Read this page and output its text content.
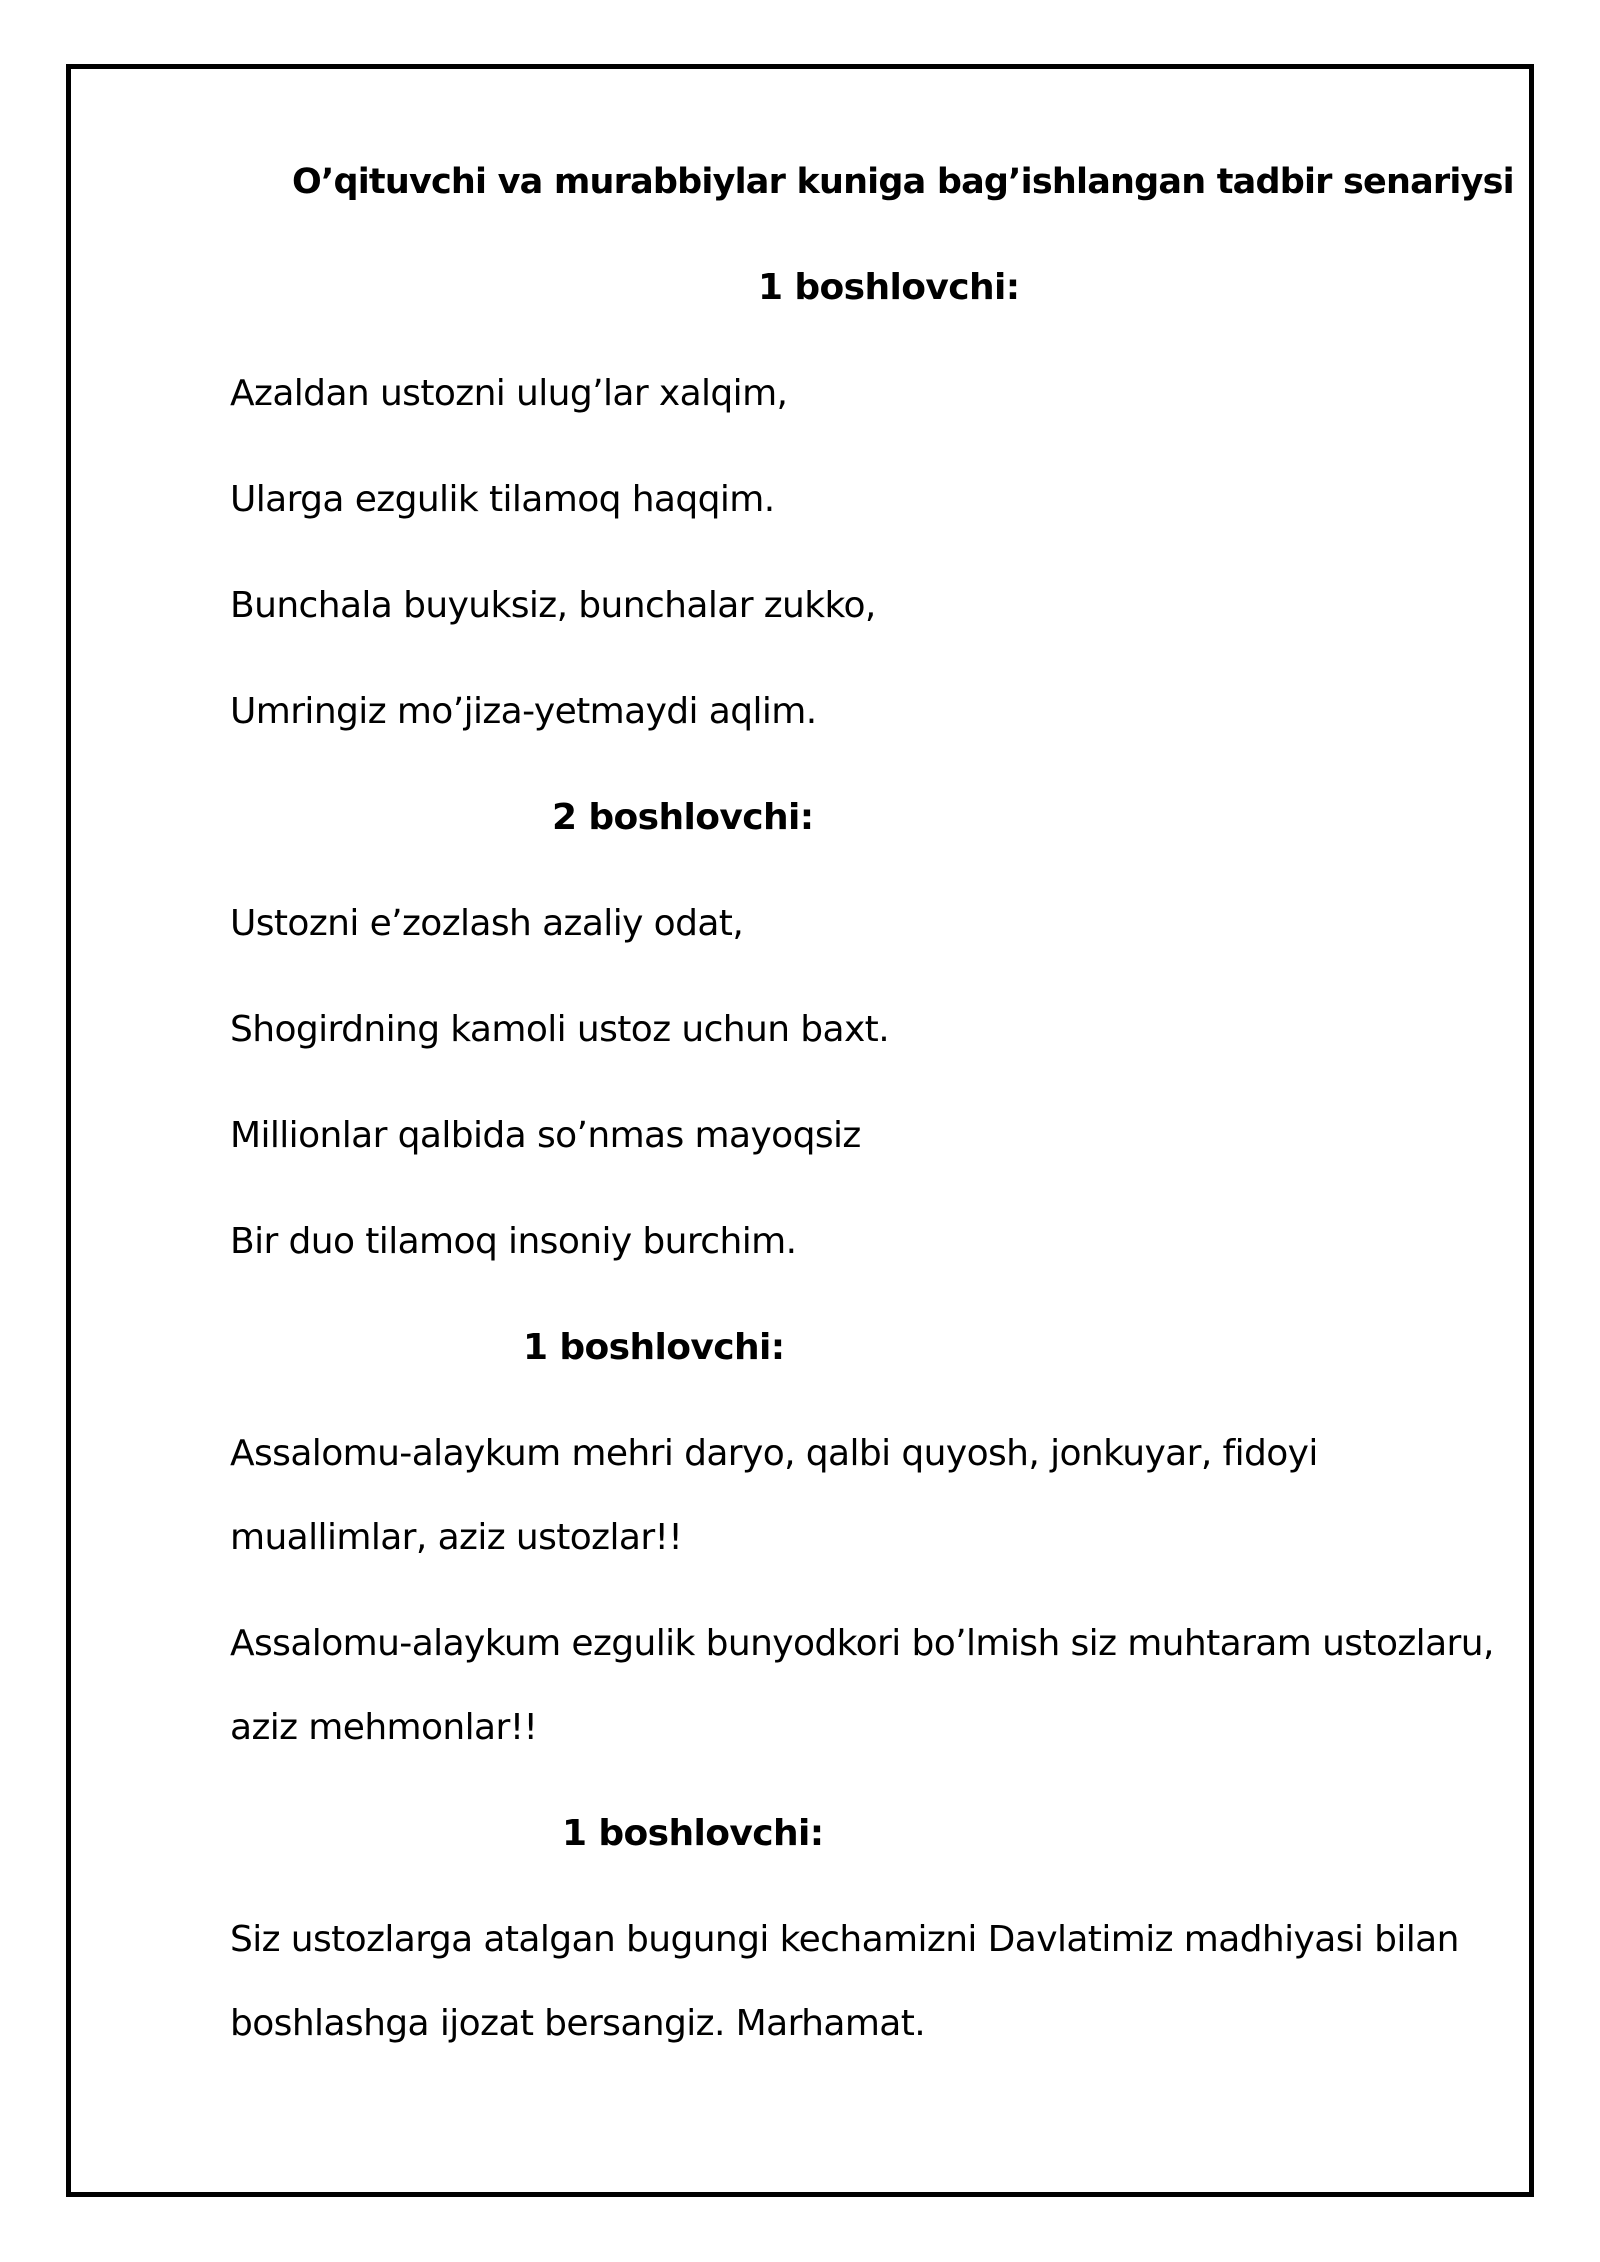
O’qituvchi va murabbiylar kuniga bag’ishlangan tadbir senariysi
1 boshlovchi:
Azaldan ustozni ulug’lar xalqim,
Ularga ezgulik tilamoq haqqim.
Bunchala buyuksiz, bunchalar zukko,
Umringiz mo’jiza-yetmaydi aqlim.
2 boshlovchi:
Ustozni e’zozlash azaliy odat,
Shogirdning kamoli ustoz uchun baxt.
Millionlar qalbida so’nmas mayoqsiz
Bir duo tilamoq insoniy burchim.
1 boshlovchi:
Assalomu-alaykum mehri daryo, qalbi quyosh, jonkuyar, fidoyi
muallimlar, aziz ustozlar!!
Assalomu-alaykum ezgulik bunyodkori bo’lmish siz muhtaram ustozlaru,
aziz mehmonlar!!
1 boshlovchi:
Siz ustozlarga atalgan bugungi kechamizni Davlatimiz madhiyasi bilan
boshlashga ijozat bersangiz. Marhamat.
